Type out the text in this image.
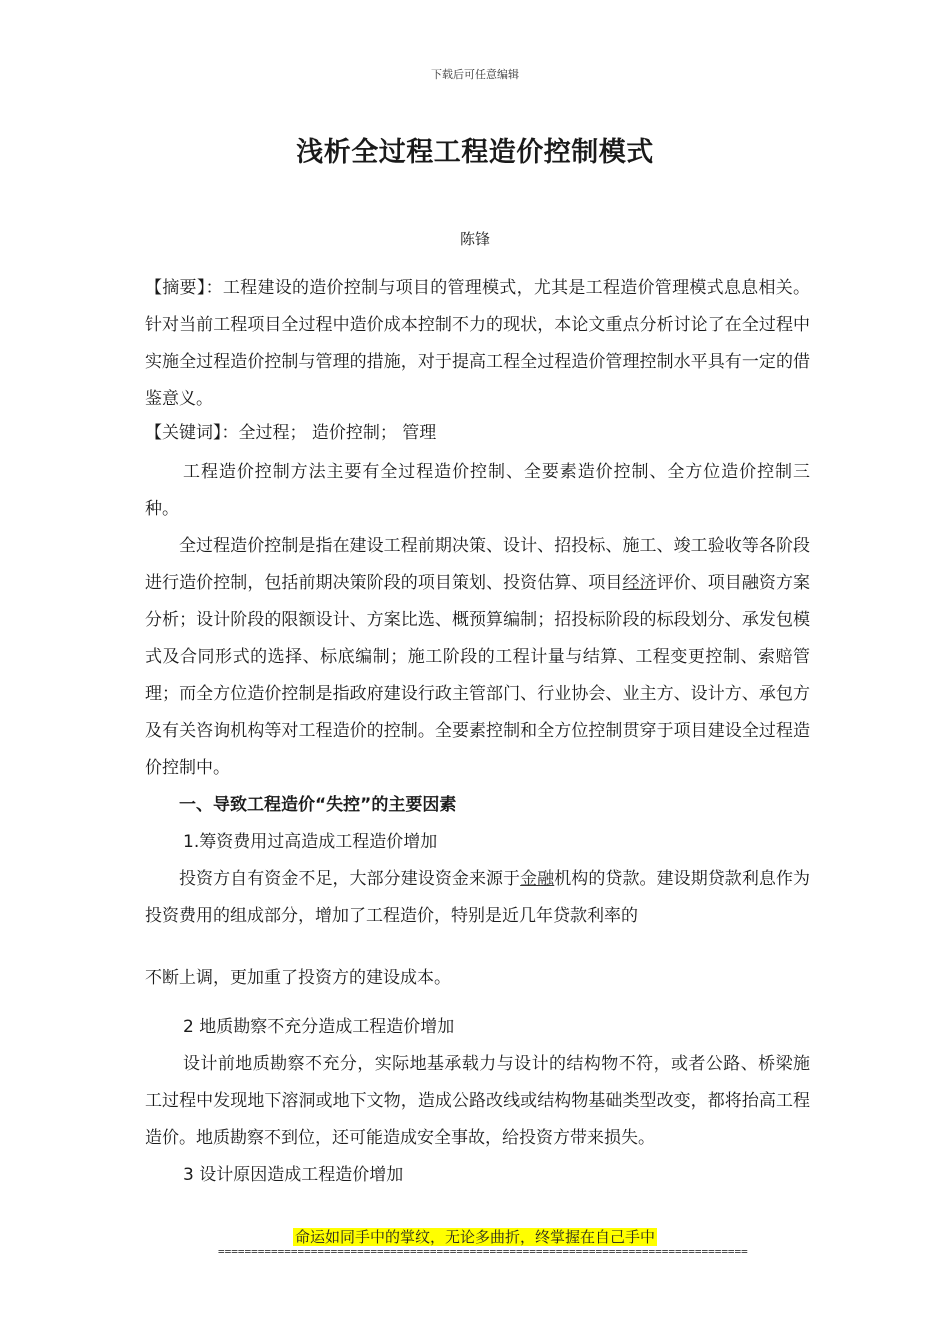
下载后可任意编辑
浅析全过程工程造价控制模式
陈锋

【摘要】：工程建设的造价控制与项目的管理模式，尤其是工程造价管理模式息息相关。针对当前工程项目全过程中造价成本控制不力的现状，本论文重点分析讨论了在全过程中实施全过程造价控制与管理的措施，对于提高工程全过程造价管理控制水平具有一定的借鉴意义。

【关键词】：全过程； 造价控制； 管理

工程造价控制方法主要有全过程造价控制、全要素造价控制、全方位造价控制三种。

全过程造价控制是指在建设工程前期决策、设计、招投标、施工、竣工验收等各阶段进行造价控制，包括前期决策阶段的项目策划、投资估算、项目经济评价、项目融资方案分析；设计阶段的限额设计、方案比选、概预算编制；招投标阶段的标段划分、承发包模式及合同形式的选择、标底编制；施工阶段的工程计量与结算、工程变更控制、索赔管理；而全方位造价控制是指政府建设行政主管部门、行业协会、业主方、设计方、承包方及有关咨询机构等对工程造价的控制。全要素控制和全方位控制贯穿于项目建设全过程造价控制中。

一、导致工程造价“失控”的主要因素

1.筹资费用过高造成工程造价增加

投资方自有资金不足，大部分建设资金来源于金融机构的贷款。建设期贷款利息作为投资费用的组成部分，增加了工程造价，特别是近几年贷款利率的

不断上调，更加重了投资方的建设成本。

2 地质勘察不充分造成工程造价增加

设计前地质勘察不充分，实际地基承载力与设计的结构物不符，或者公路、桥梁施工过程中发现地下溶洞或地下文物，造成公路改线或结构物基础类型改变，都将抬高工程造价。地质勘察不到位，还可能造成安全事故，给投资方带来损失。

3 设计原因造成工程造价增加

命运如同手中的掌纹，无论多曲折，终掌握在自己手中
================================================================================
